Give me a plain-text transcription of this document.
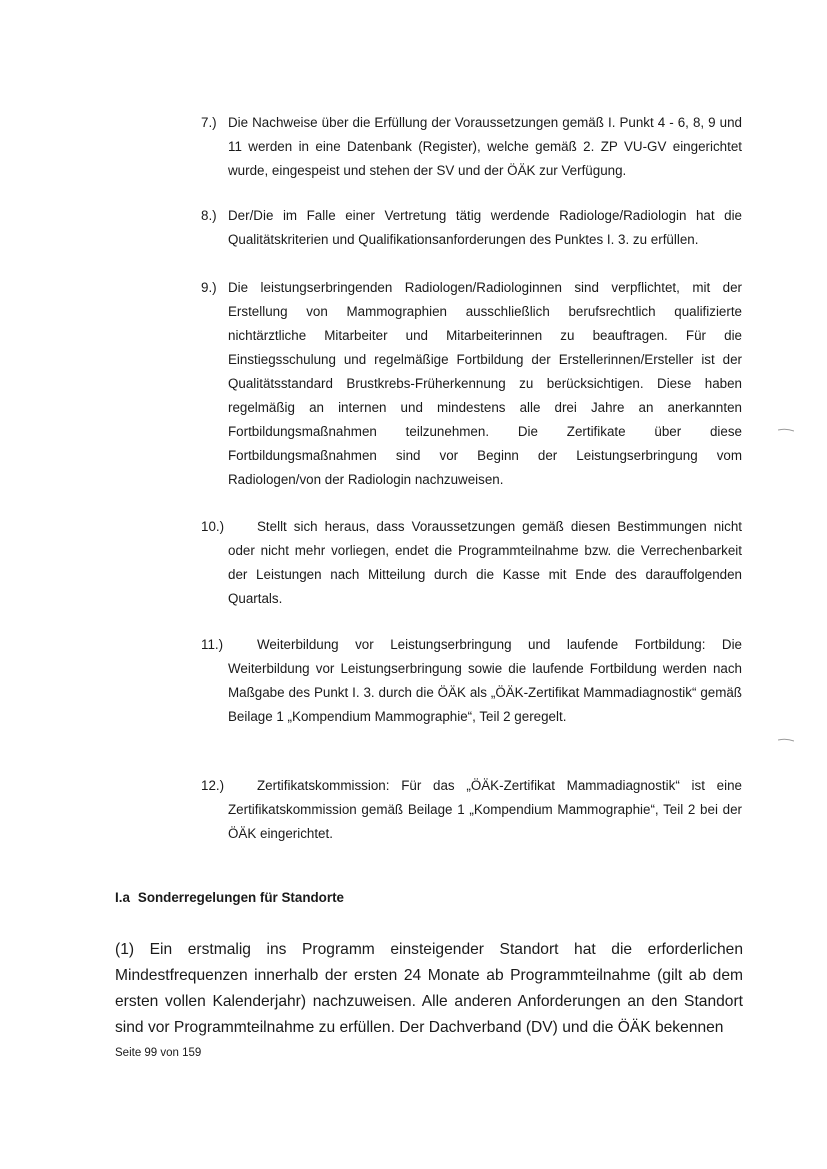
7.) Die Nachweise über die Erfüllung der Voraussetzungen gemäß I. Punkt 4 - 6, 8, 9 und 11 werden in eine Datenbank (Register), welche gemäß 2. ZP VU-GV eingerichtet wurde, eingespeist und stehen der SV und der ÖÄK zur Verfügung.
8.) Der/Die im Falle einer Vertretung tätig werdende Radiologe/Radiologin hat die Qualitätskriterien und Qualifikationsanforderungen des Punktes I. 3. zu erfüllen.
9.) Die leistungserbringenden Radiologen/Radiologinnen sind verpflichtet, mit der Erstellung von Mammographien ausschließlich berufsrechtlich qualifizierte nichtärztliche Mitarbeiter und Mitarbeiterinnen zu beauftragen. Für die Einstiegsschulung und regelmäßige Fortbildung der Erstellerinnen/Ersteller ist der Qualitätsstandard Brustkrebs-Früherkennung zu berücksichtigen. Diese haben regelmäßig an internen und mindestens alle drei Jahre an anerkannten Fortbildungsmaßnahmen teilzunehmen. Die Zertifikate über diese Fortbildungsmaßnahmen sind vor Beginn der Leistungserbringung vom Radiologen/von der Radiologin nachzuweisen.
10.)	Stellt sich heraus, dass Voraussetzungen gemäß diesen Bestimmungen nicht oder nicht mehr vorliegen, endet die Programmteilnahme bzw. die Verrechenbarkeit der Leistungen nach Mitteilung durch die Kasse mit Ende des darauffolgenden Quartals.
11.)	Weiterbildung vor Leistungserbringung und laufende Fortbildung: Die Weiterbildung vor Leistungserbringung sowie die laufende Fortbildung werden nach Maßgabe des Punkt I. 3. durch die ÖÄK als „ÖÄK-Zertifikat Mammadiagnostik“ gemäß Beilage 1 „Kompendium Mammographie“, Teil 2 geregelt.
12.)	Zertifikatskommission: Für das „ÖÄK-Zertifikat Mammadiagnostik“ ist eine Zertifikatskommission gemäß Beilage 1 „Kompendium Mammographie“, Teil 2 bei der ÖÄK eingerichtet.
I.a Sonderregelungen für Standorte
(1) Ein erstmalig ins Programm einsteigender Standort hat die erforderlichen Mindestfrequenzen innerhalb der ersten 24 Monate ab Programmteilnahme (gilt ab dem ersten vollen Kalenderjahr) nachzuweisen. Alle anderen Anforderungen an den Standort sind vor Programmteilnahme zu erfüllen. Der Dachverband (DV) und die ÖÄK bekennen
Seite 99 von 159
